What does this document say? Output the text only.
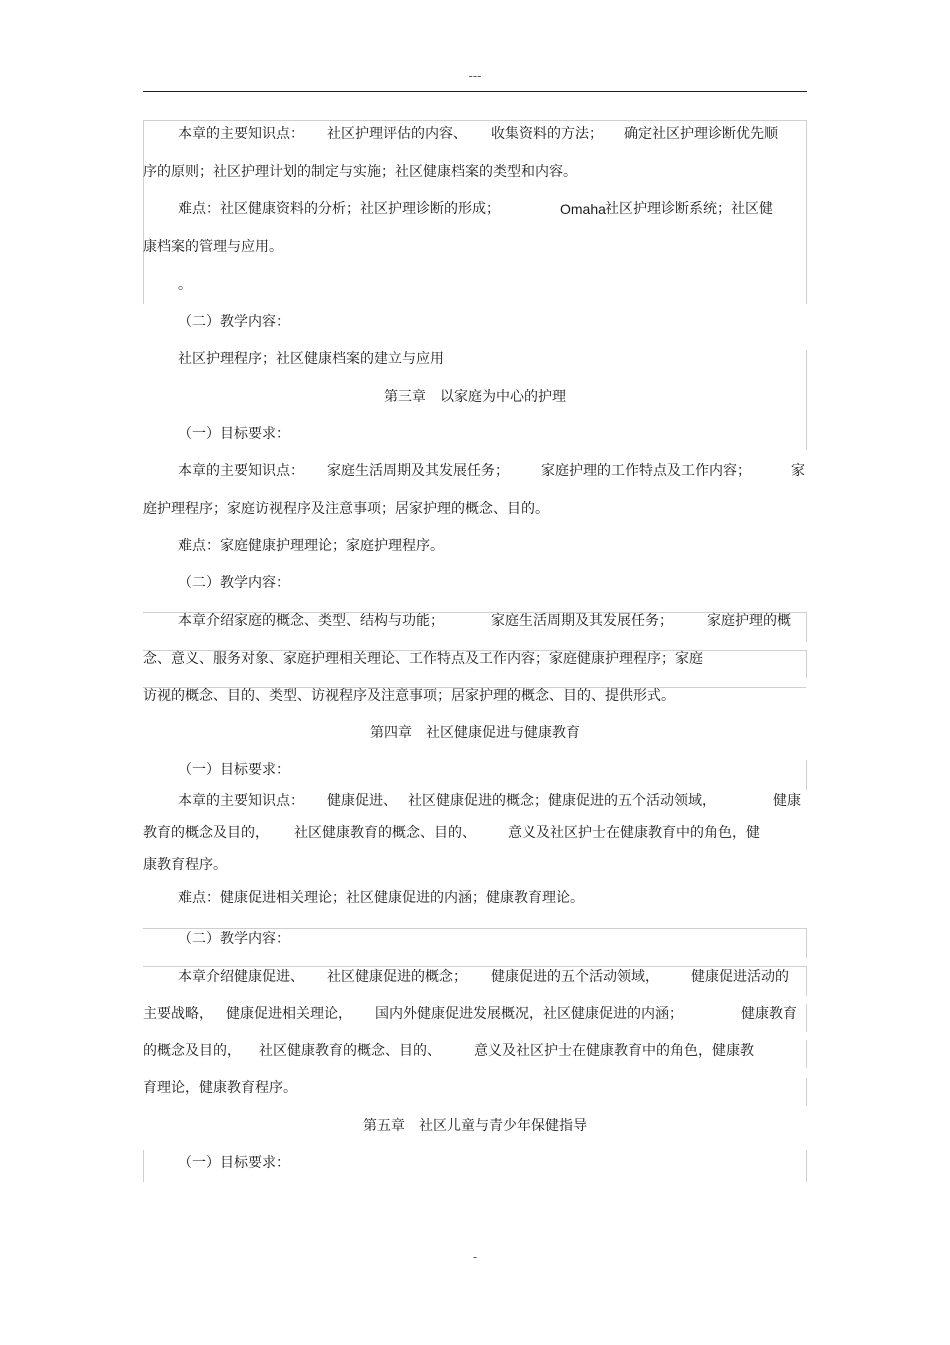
---
本章的主要知识点： 社区护理评估的内容、 收集资料的方法； 确定社区护理诊断优先顺
序的原则；社区护理计划的制定与实施；社区健康档案的类型和内容。
难点：社区健康资料的分析；社区护理诊断的形成；	Omaha 社区护理诊断系统；社区健
康档案的管理与应用。
。
（二）教学内容：
社区护理程序；社区健康档案的建立与应用
第三章　以家庭为中心的护理
（一）目标要求：
本章的主要知识点： 家庭生活周期及其发展任务； 家庭护理的工作特点及工作内容；	家
庭护理程序；家庭访视程序及注意事项；居家护理的概念、目的。
难点：家庭健康护理理论；家庭护理程序。
（二）教学内容：
本章介绍家庭的概念、类型、结构与功能；	家庭生活周期及其发展任务； 家庭护理的概
念、意义、服务对象、家庭护理相关理论、工作特点及工作内容；家庭健康护理程序；家庭
访视的概念、目的、类型、访视程序及注意事项；居家护理的概念、目的、提供形式。
第四章　社区健康促进与健康教育
（一）目标要求：
本章的主要知识点： 健康促进、 社区健康促进的概念；健康促进的五个活动领域，	健康
教育的概念及目的， 社区健康教育的概念、目的、 意义及社区护士在健康教育中的角色，健
康教育程序。
难点：健康促进相关理论；社区健康促进的内涵；健康教育理论。
（二）教学内容：
本章介绍健康促进、 社区健康促进的概念； 健康促进的五个活动领域， 健康促进活动的
主要战略， 健康促进相关理论， 国内外健康促进发展概况，社区健康促进的内涵；	健康教育
的概念及目的， 社区健康教育的概念、目的、 意义及社区护士在健康教育中的角色，健康教
育理论，健康教育程序。
第五章　社区儿童与青少年保健指导
（一）目标要求：
-
